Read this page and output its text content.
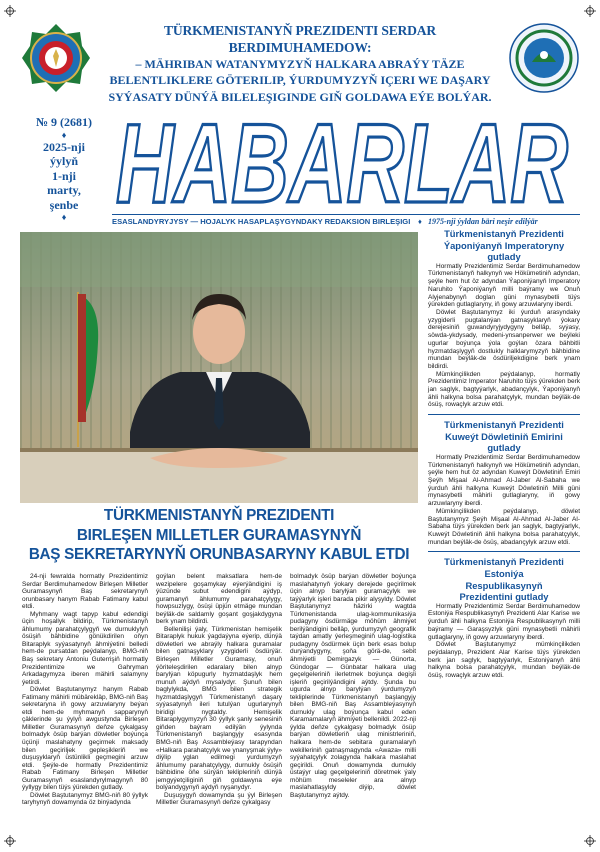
TÜRKMENISTANYŇ PREZIDENTI SERDAR BERDIMUHAMEDOW:
– MÄHRIBAN WATANYMYZYŇ HALKARA ABRAÝY TÄZE
BELENTLIKLERE GÖTERILIP, ÝURDUMYZYŇ IÇERI WE DAŞARY
SYÝASATY DÜNÝÄ BILELEŞIGINDE GIŇ GOLDAWA EÝE BOLÝAR.
№ 9 (2681)
♦
2025-nji
ýylyň
1-nji
marty,
şenbe
♦ HABARLAR
ESASLANDYRYJYSY — HOJALYK HASAPLAŞYGYNDAKY REDAKSION BIRLEŞIGI ♦ 1975-nji ýyldan bäri neşir edilýär
TÜRKMENISTANYŇ PREZIDENTI
BIRLEŞEN MILLETLER GURAMASYNYŇ
BAŞ SEKRETARYNYŇ ORUNBASARYNY KABUL ETDI

24-nji fewralda hormatly Prezidentimiz Serdar Berdimuhamedow Birleşen Milletler Guramasynyň Baş sekretarynyň orunbasary hanym Rabab Fatimany kabul etdi.

Myhmany wagt tapyp kabul edendigi üçin hoşallyk bildirip, Türkmenistanyň ählumumy parahatçylygyň we durnuklylyň ösüşiň bähbidine gönükdirilen oňyn Bitaraplyk syýasatynyň ähmiýetini belledi hem-de pursatdan peýdalanyp, BMG-niň Baş sekretary Antoniu Guterrişiň hormatly Prezidentimize we Gahryman Arkadagymyza iberen mähirli salamyny ýetirdi.

Döwlet Baştutanymyz hanym Rabab Fatimany mähirli mübärekläp, BMG-niň Baş sekretaryna iň gowy arzuwlaryny beýan etdi hem-de myhmanyň sapparynyň çäklerinde şu ýylyň awgustynda Birleşen Milletler Guramasynyň deňze çykalgasy bolmadyk ösüp barýan döwletler boýunça üçünji maslahatyny geçirmek maksady bilen geçiriljek gepleşikleriň we duşuşyklaryň üstünlikli geçmegini arzuw etdi. Şeýle-de hormatly Prezidentimiz Rabab Fatimany Birleşen Milletler Guramasynyň esaslandyrylmagynyň 80 ýyllygy bilen tüýs ýürekden gutlady.

Döwlet Baştutanymyz BMG-niň 80 ýyllyk taryhynyň dowamynda öz binýadynda

goýlan belent maksatlara hem-de wezipelere goşamykay eýerýändigini iş ýüzünde subut edendigini aýdyp, guramanyň ählumumy parahatçylygy, howpsuzlygy, ösüşi üpjün etmäge mundan beýläk-de saldamly goşant goşjakdygyna berk ynam bildirdi.

Bellenilişi ýaly, Türkmenistan hemişelik Bitaraplyk hukuk ýagdaýyna eýerip, dünýä döwletleri we abraýly halkara guramalar bilen gatnaşyklary yzygiderli ösdürýär. Birleşen Milletler Guramasy, onuň ýöriteleşdirilen edaralary bilen alnyp barylýan köpugurly hyzmatdaşlyk hem munuň aýdyň mysalydyr. Şunuň bilen baglylykda, BMG bilen strategik hyzmatdaşlygyň Türkmenistanyň daşary syýasatynyň ileri tutulýan ugurlarynyň biridigi nygtaldy. Hemişelik Bitaraplygymyzyň 30 ýyllyk şanly senesiniň giňden baýram edilýän ýylynda Türkmenistanyň başlangyjy esasynda BMG-niň Baş Assambleýasy tarapyndan «Halkara parahatçylyk we ynanyşmak ýyly» diýlip yglan edilmegi yurdumyzyň ählumumy parahatçylygy, durnukly ösüşiň bähbidine öňe sürýän teklipleriniň dünýä jemgyýetçiliginiň giň goldawyna eýe bolýandygynyň aýdyň nyşanydyr.

Duşuşygyň dowamynda şu ýyl Birleşen Milletler Guramasynyň deňze çykalgasy

bolmadyk ösüp barýan döwletler boýunça maslahatynyň ýokary derejede geçirilmek üçin alnyp barylýan guramaçylyk we taýýarlyk işleri barada pikir alyşyldy. Döwlet Baştutanymyz häzirki wagtda Türkmenistanda ulag-kommunikasiýa pudagyny ösdürmäge möhüm ähmiýet berilýändigini belläp, ýurdumyzyň geografik taýdan amatly ýerleşmeginiň ulag-logistika pudagyny ösdürmek üçin berk esas bolup durýandygyny, şoňa görä-de, sebit ähmiýetli Demirgazyk — Günorta, Gündogar — Günbatar halkara ulag geçelgeleriniň ilerletmek boýunça degişli işleriň geçirilýändigini aýtdy. Şunda bu ugurda alnyp barylýan ýurdumyzyň tekliplerinde Türkmenistanyň başlangyjy bilen BMG-niň Baş Assambleýasynyň durnukly ulag boýunça kabul eden Karamamalaryň ähmiýeti bellenildi. 2022-nji ýylda deňze çykalgasy bolmadyk ösüp barýan döwletleriň ulag ministrleriniň, halkara hem-de sebitara guramalaryň wekilleriniň gatnaşmagynda «Awaza» milli syýahatçylyk zolagynda halkara maslahat geçirildi. Onuň dowamynda durnukly üstaýyr ulag geçelgeleriniň döretmek ýaly möhüm meseleler ara alnyp maslahatlaşyldy diýip, döwlet Baştutanymyz aýtdy.

Türkmenistanyň Prezidenti

Ýaponiýanyň Imperatoryny

gutlady

Hormatly Prezidentimiz Serdar Berdimuhamedow Türkmenistanyň halkynyň we Hökümetiniň adyndan, şeýle hem hut öz adyndan Ýaponiýanyň Imperatory Naruhito Ýaponiýanyň milli baýramy we Onuň Alyjenabynyň doglan güni mynasybetli tüýs ýürekden gutlaglaryny, iň gowy arzuwlaryny iberdi.

Döwlet Baştutanymyz iki ýurduň arasyndaky yzygiderli pugtalanýan gatnaşyklaryň ýokary derejesiniň guwandyryjydygyny belläp, syýasy, söwda-ykdysady, medeni-ynsanperwer we beýleki ugurlar boýunça ýola goýlan özara bähbitli hyzmatdaşlygyň dostlukly halklarymyzyň bähbidine mundan beýläk-de ösdüriljekdigine berk ynam bildirdi.

Mümkinçilikden peýdalanyp, hormatly Prezidentimiz Imperator Naruhito tüýs ýürekden berk jan saglyk, bagtyýarlyk, abadançylyk, Ýaponiýanyň ähli halkyna bolsa parahatçylyk, mundan beýläk-de ösüş, rowaçlyk arzuw etdi.

Türkmenistanyň Prezidenti

Kuweýt Döwletiniň Emirini

gutlady

Hormatly Prezidentimiz Serdar Berdimuhamedow Türkmenistanyň halkynyň we Hökümetiniň adyndan, şeýle hem hut öz adyndan Kuweýt Döwletiniň Emiri Şeýh Mişaal Al-Ahmad Al-Jaber Al-Sabaha we ýurduň ähli halkyna Kuweýt Döwletiniň Milli güni mynasybetli mähirli gutlaglaryny, iň gowy arzuwlaryny iberdi.

Mümkinçilikden peýdalanyp, döwlet Baştutanymyz Şeýh Mişaal Al-Ahmad Al-Jaber Al-Sabaha tüýs ýürekden berk jan saglyk, bagtyýarlyk, Kuweýt Döwletiniň ähli halkyna bolsa parahatçylyk, mundan beýläk-de ösüş, abadançylyk arzuw etdi.

Türkmenistanyň Prezidenti

Estoniýa

Respublikasynyň

Prezidentini gutlady

Hormatly Prezidentimiz Serdar Berdimuhamedow Estoniýa Respublikasynyň Prezidenti Alar Karise we ýurduň ähli halkyna Estoniýa Respublikasynyň milli baýramy — Garaşsyzlyk güni mynasybetli mähirli gutlaglaryny, iň gowy arzuwlaryny iberdi.

Döwlet Baştutanymyz mümkinçilikden peýdalanyp, Prezident Alar Karise tüýs ýürekden berk jan saglyk, bagtyýarlyk, Estoniýanyň ähli halkyna bolsa parahatçylyk, mundan beýläk-de ösüş, rowaçlyk arzuw etdi.
